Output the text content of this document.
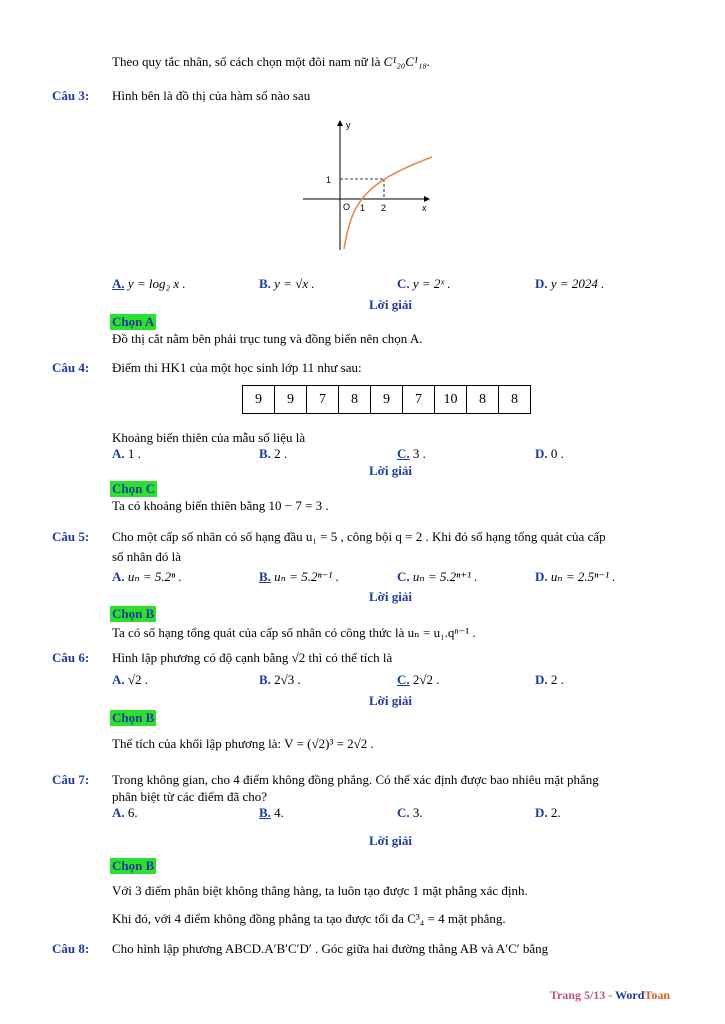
Theo quy tắc nhân, số cách chọn một đôi nam nữ là C¹₂₀C¹₁₈.
Câu 3: Hình bên là đồ thị của hàm số nào sau
y
x
O 1 2
1
A. y = log₂ x .	B. y = √x .	C. y = 2ˣ .	D. y = 2024 .
Lời giải
Chọn A
Đồ thị cắt nằm bên phải trục tung và đồng biến nên chọn A.
Câu 4: Điểm thi HK1 của một học sinh lớp 11 như sau:
9	9	7	8	9	7	10	8	8
Khoảng biến thiên của mẫu số liệu là
A. 1 .	B. 2 .	C. 3 .	D. 0 .
Lời giải
Chọn C
Ta có khoảng biến thiên bằng 10 − 7 = 3 .
Câu 5: Cho một cấp số nhân có số hạng đầu u₁ = 5 , công bội q = 2 . Khi đó số hạng tổng quát của cấp
số nhân đó là
A. uₙ = 5.2ⁿ .	B. uₙ = 5.2ⁿ⁻¹ .	C. uₙ = 5.2ⁿ⁺¹ .	D. uₙ = 2.5ⁿ⁻¹ .
Lời giải
Chọn B
Ta có số hạng tổng quát của cấp số nhân có công thức là uₙ = u₁.qⁿ⁻¹ .
Câu 6: Hình lập phương có độ cạnh bằng √2 thì có thể tích là
A. √2 .	B. 2√3 .	C. 2√2 .	D. 2 .
Lời giải
Chọn B
Thể tích của khối lập phương là: V = (√2)³ = 2√2 .
Câu 7: Trong không gian, cho 4 điểm không đồng phẳng. Có thể xác định được bao nhiêu mặt phẳng
phân biệt từ các điểm đã cho?
A. 6.	B. 4.	C. 3.	D. 2.
Lời giải
Chọn B
Với 3 điểm phân biệt không thẳng hàng, ta luôn tạo được 1 mặt phẳng xác định.
Khi đó, với 4 điểm không đồng phẳng ta tạo được tối đa C³₄ = 4 mặt phẳng.
Câu 8: Cho hình lập phương ABCD.A′B′C′D′ . Góc giữa hai đường thẳng AB và A′C′ bằng
Trang 5/13 - WordToan
